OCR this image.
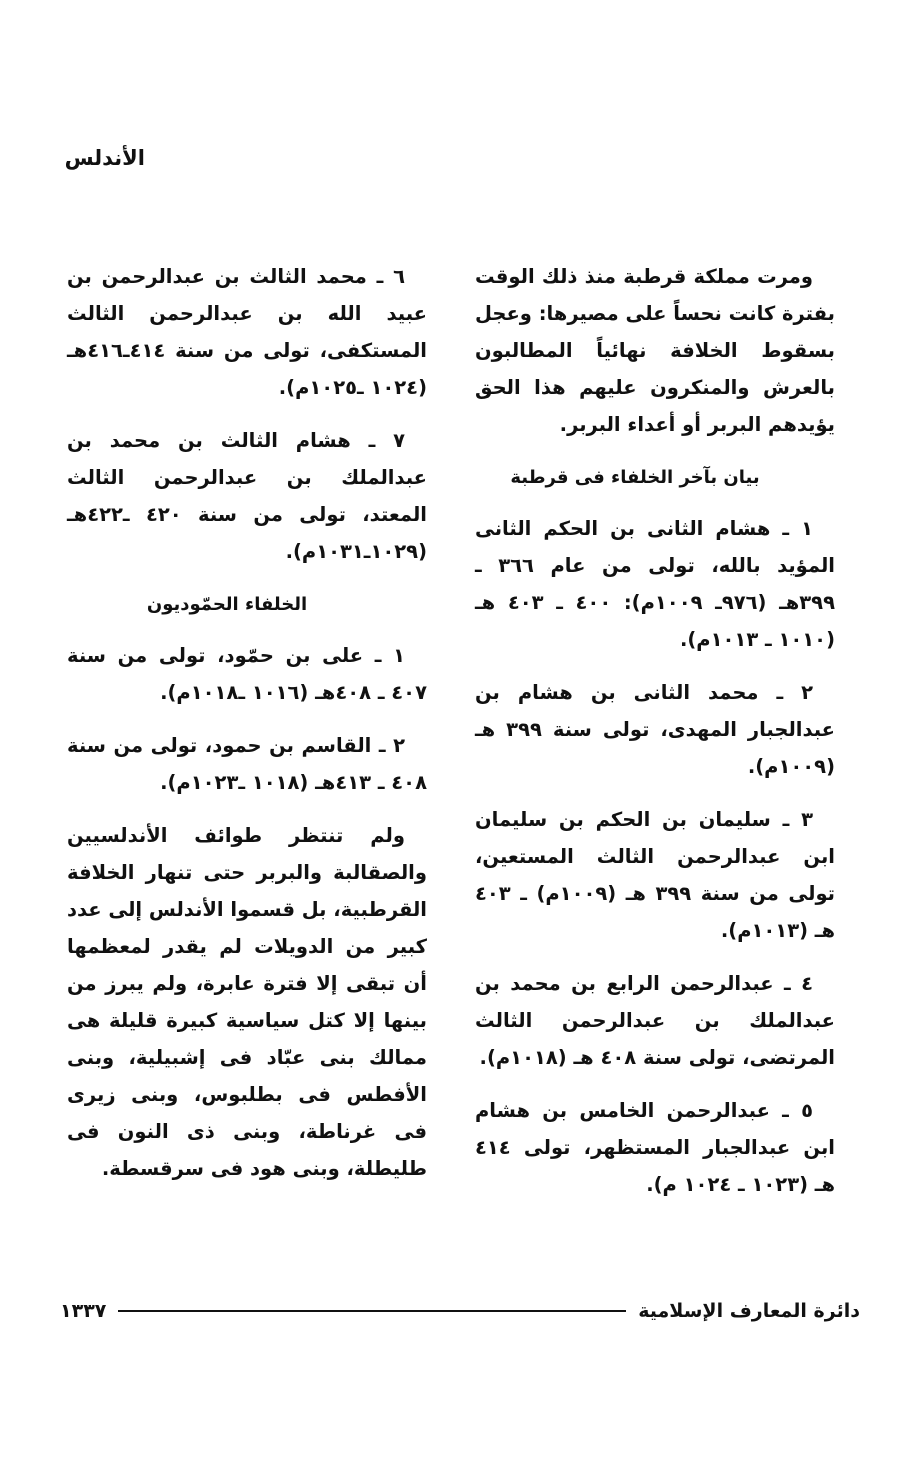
الأندلس

ومرت مملكة قرطبة منذ ذلك الوقت بفترة كانت نحساً على مصيرها: وعجل بسقوط الخلافة نهائياً المطالبون بالعرش والمنكرون عليهم هذا الحق يؤيدهم البربر أو أعداء البربر.

بيان بآخر الخلفاء فى قرطبة

١ ـ هشام الثانى بن الحكم الثانى المؤيد بالله، تولى من عام ٣٦٦ ـ ٣٩٩هـ (٩٧٦ـ ١٠٠٩م): ٤٠٠ ـ ٤٠٣ هـ (١٠١٠ ـ ١٠١٣م).

٢ ـ محمد الثانى بن هشام بن عبدالجبار المهدى، تولى سنة ٣٩٩ هـ (١٠٠٩م).

٣ ـ سليمان بن الحكم بن سليمان ابن عبدالرحمن الثالث المستعين، تولى من سنة ٣٩٩ هـ (١٠٠٩م) ـ ٤٠٣ هـ (١٠١٣م).

٤ ـ عبدالرحمن الرابع بن محمد بن عبدالملك بن عبدالرحمن الثالث المرتضى، تولى سنة ٤٠٨ هـ (١٠١٨م).

٥ ـ عبدالرحمن الخامس بن هشام ابن عبدالجبار المستظهر، تولى ٤١٤ هـ (١٠٢٣ ـ ١٠٢٤ م).

٦ ـ محمد الثالث بن عبدالرحمن بن عبيد الله بن عبدالرحمن الثالث المستكفى، تولى من سنة ٤١٤ـ٤١٦هـ (١٠٢٤ ـ١٠٢٥م).

٧ ـ هشام الثالث بن محمد بن عبدالملك بن عبدالرحمن الثالث المعتد، تولى من سنة ٤٢٠ ـ٤٢٢هـ (١٠٢٩ـ١٠٣١م).

الخلفاء الحمّوديون

١ ـ على بن حمّود، تولى من سنة ٤٠٧ ـ ٤٠٨هـ (١٠١٦ ـ١٠١٨م).

٢ ـ القاسم بن حمود، تولى من سنة ٤٠٨ ـ ٤١٣هـ (١٠١٨ ـ١٠٢٣م).

ولم تنتظر طوائف الأندلسيين والصقالبة والبربر حتى تنهار الخلافة القرطبية، بل قسموا الأندلس إلى عدد كبير من الدويلات لم يقدر لمعظمها أن تبقى إلا فترة عابرة، ولم يبرز من بينها إلا كتل سياسية كبيرة قليلة هى ممالك بنى عبّاد فى إشبيلية، وبنى الأفطس فى بطلبوس، وبنى زيرى فى غرناطة، وبنى ذى النون فى طليطلة، وبنى هود فى سرقسطة.

دائرة المعارف الإسلامية
١٣٣٧
